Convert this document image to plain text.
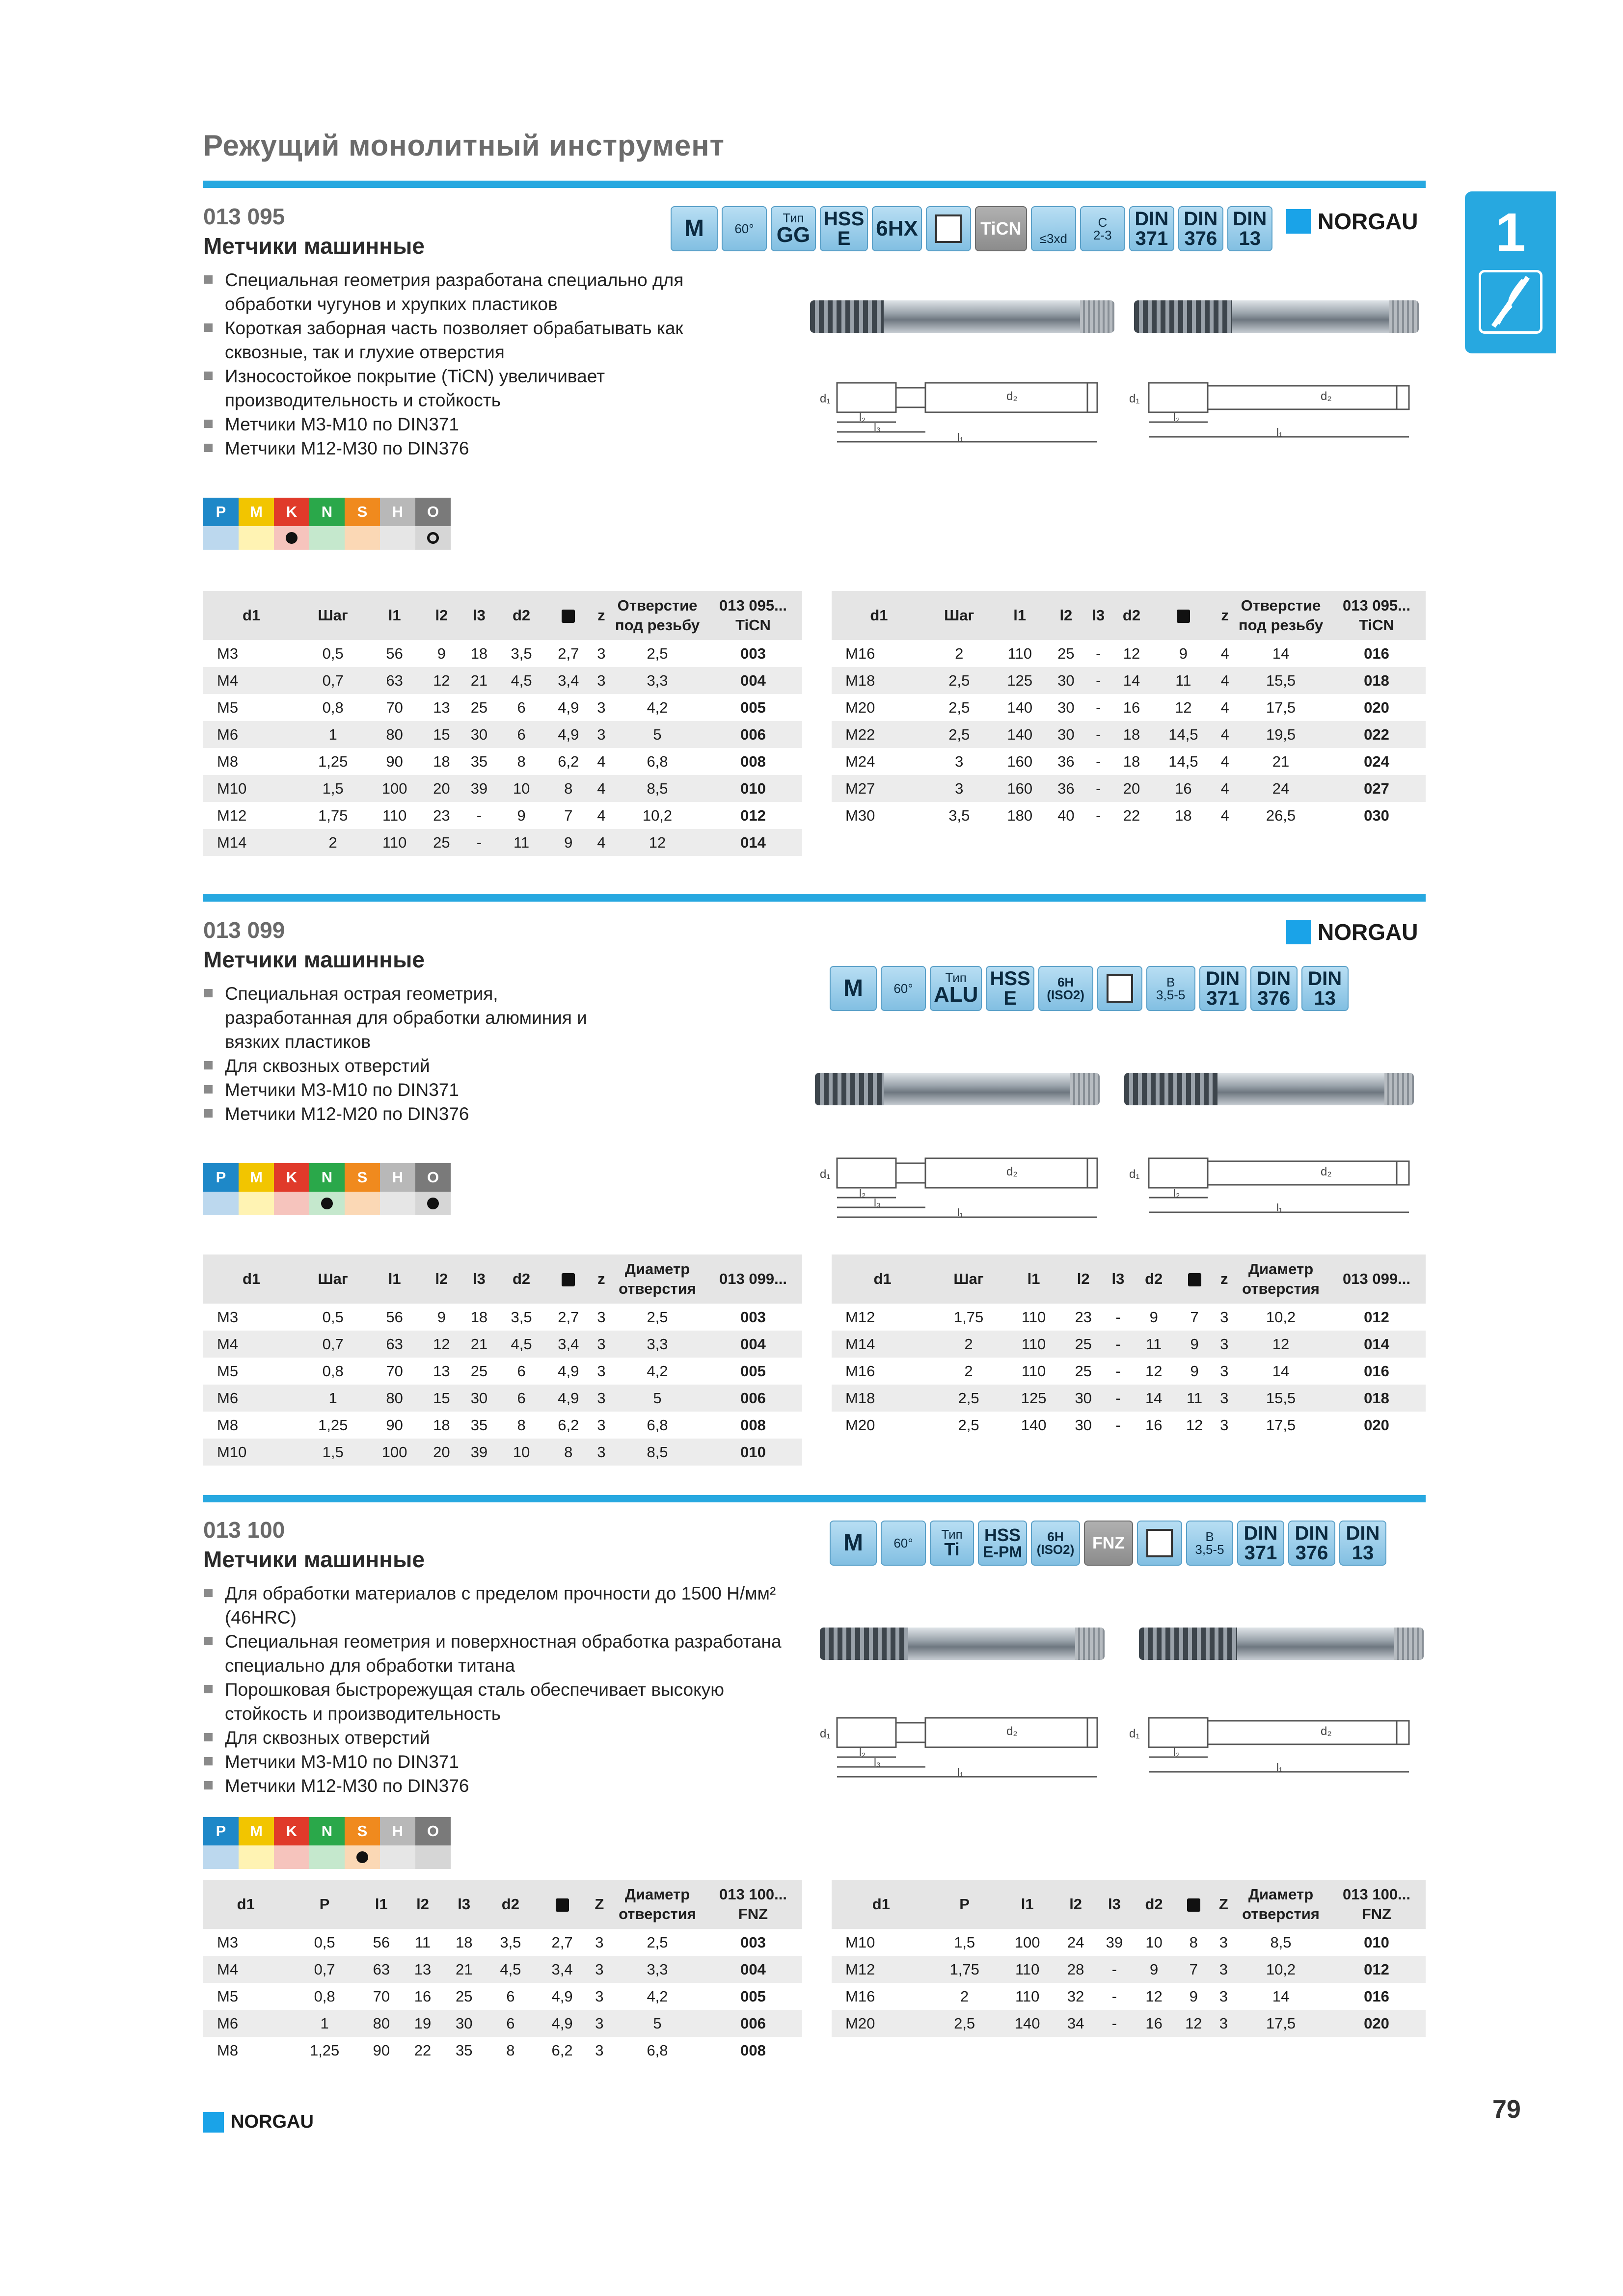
Режущий монолитный инструмент
1
013 095
Метчики машинные
Специальная геометрия разработана специально для обработки чугунов и хрупких пластиков
Короткая заборная часть позволяет обрабатывать как сквозные, так и глухие отверстия
Износостойкое покрытие (TiCN) увеличивает производительность и стойкость
Метчики M3-M10 по DIN371
Метчики M12-M30 по DIN376
M	60°
Тип
GG
HSS
E 6HX	TiCN ≤3xd
C
2-3
DIN
371
DIN
376
DIN
13
NORGAU
d₁	d₂
l₂
l₃
l₁
d₁	d₂
l₂
l₁
P	M	K	N	S	H	O
d1	Шаг	l1	l2	l3	d2		z	Отверстие под резьбу	013 095... TiCN
M3	0,5	56	9	18	3,5	2,7	3	2,5	003
M4	0,7	63	12	21	4,5	3,4	3	3,3	004
M5	0,8	70	13	25	6	4,9	3	4,2	005
M6	1	80	15	30	6	4,9	3	5	006
M8	1,25	90	18	35	8	6,2	4	6,8	008
M10	1,5	100	20	39	10	8	4	8,5	010
M12	1,75	110	23	-	9	7	4	10,2	012
M14	2	110	25	-	11	9	4	12	014
d1	Шаг	l1	l2	l3	d2		z	Отверстие под резьбу	013 095... TiCN
M16	2	110	25	-	12	9	4	14	016
M18	2,5	125	30	-	14	11	4	15,5	018
M20	2,5	140	30	-	16	12	4	17,5	020
M22	2,5	140	30	-	18	14,5	4	19,5	022
M24	3	160	36	-	18	14,5	4	21	024
M27	3	160	36	-	20	16	4	24	027
M30	3,5	180	40	-	22	18	4	26,5	030
013 099
Метчики машинные
NORGAU
Специальная острая геометрия, разработанная для обработки алюминия и вязких пластиков
Для сквозных отверстий
Метчики M3-M10 по DIN371
Метчики M12-M20 по DIN376
M	60°
Тип
ALU
HSS
E
6H
(ISO2)
B
3,5-5
DIN
371
DIN
376
DIN
13
d₁	d₂
l₂
l₃
l₁
d₁	d₂
l₂
l₁
P	M	K	N	S	H	O
d1	Шаг	l1	l2	l3	d2		z	Диаметр отверстия	013 099...
M3	0,5	56	9	18	3,5	2,7	3	2,5	003
M4	0,7	63	12	21	4,5	3,4	3	3,3	004
M5	0,8	70	13	25	6	4,9	3	4,2	005
M6	1	80	15	30	6	4,9	3	5	006
M8	1,25	90	18	35	8	6,2	3	6,8	008
M10	1,5	100	20	39	10	8	3	8,5	010
d1	Шаг	l1	l2	l3	d2		z	Диаметр отверстия	013 099...
M12	1,75	110	23	-	9	7	3	10,2	012
M14	2	110	25	-	11	9	3	12	014
M16	2	110	25	-	12	9	3	14	016
M18	2,5	125	30	-	14	11	3	15,5	018
M20	2,5	140	30	-	16	12	3	17,5	020
013 100
Метчики машинные
Для обработки материалов с пределом прочности до 1500 Н/мм² (46HRC)
Специальная геометрия и поверхностная обработка разработана специально для обработки титана
Порошковая быстрорежущая сталь обеспечивает высокую стойкость и производительность
Для сквозных отверстий
Метчики M3-M10 по DIN371
Метчики M12-M30 по DIN376
M	60°
Тип
Ti
HSS
E-PM
6H
(ISO2) FNZ	B
3,5-5
DIN
371
DIN
376
DIN
13
d₁	d₂
l₂
l₃
l₁
d₁	d₂
l₂
l₁
P	M	K	N	S	H	O
d1	P	l1	l2	l3	d2		Z	Диаметр отверстия	013 100... FNZ
M3	0,5	56	11	18	3,5	2,7	3	2,5	003
M4	0,7	63	13	21	4,5	3,4	3	3,3	004
M5	0,8	70	16	25	6	4,9	3	4,2	005
M6	1	80	19	30	6	4,9	3	5	006
M8	1,25	90	22	35	8	6,2	3	6,8	008
d1	P	l1	l2	l3	d2		Z	Диаметр отверстия	013 100... FNZ
M10	1,5	100	24	39	10	8	3	8,5	010
M12	1,75	110	28	-	9	7	3	10,2	012
M16	2	110	32	-	12	9	3	14	016
M20	2,5	140	34	-	16	12	3	17,5	020
79
NORGAU
